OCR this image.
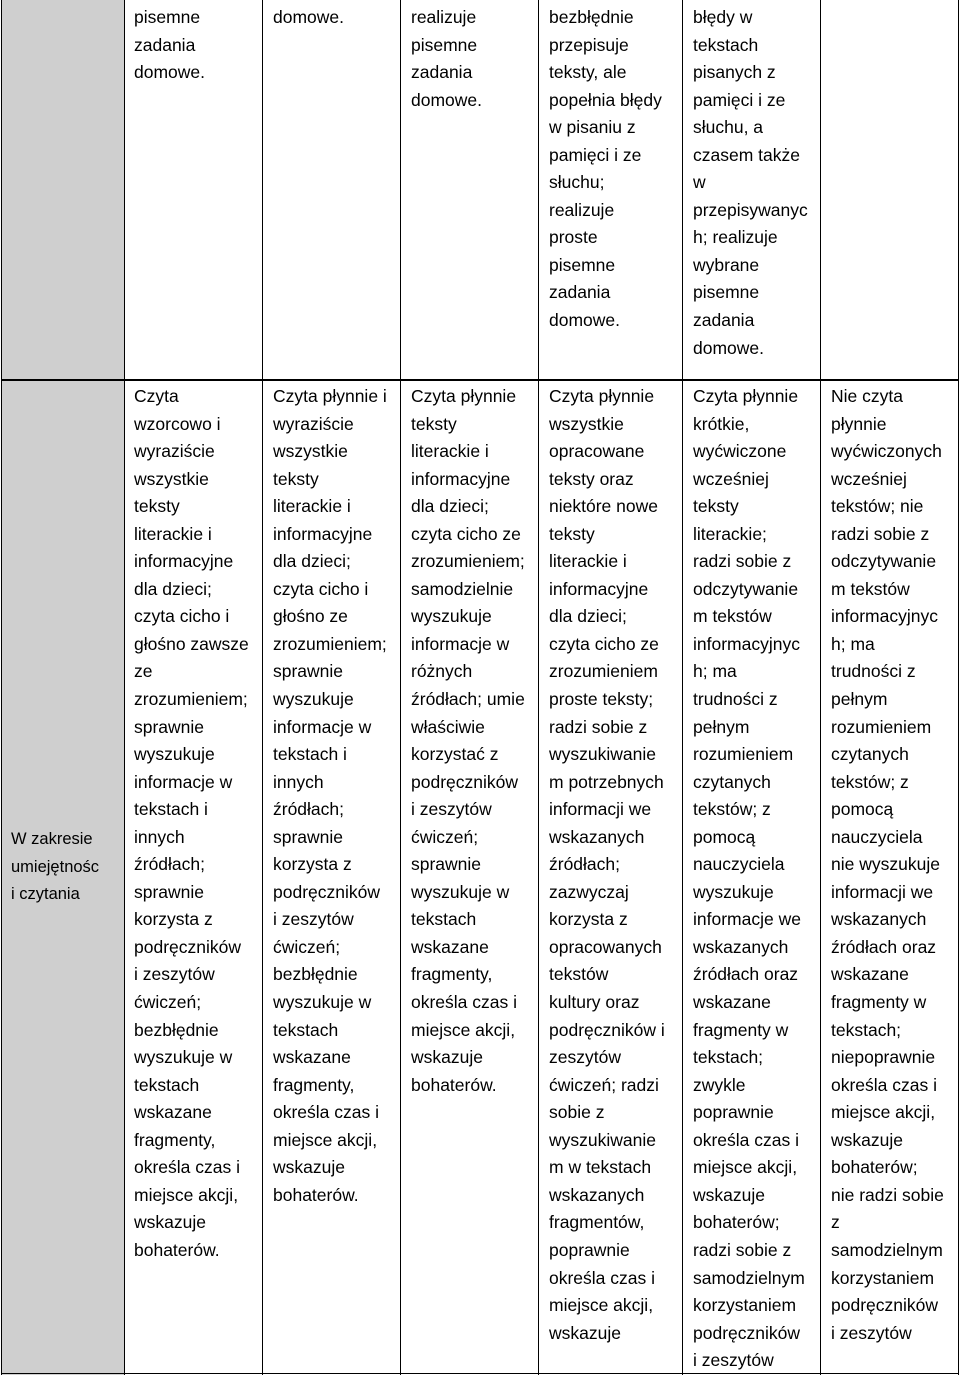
pisemne
zadania
domowe.
domowe.	realizuje
pisemne
zadania
domowe.
bezbłędnie
przepisuje
teksty, ale
popełnia błędy
w pisaniu z
pamięci i ze
słuchu;
realizuje
proste
pisemne
zadania
domowe.
błędy w
tekstach
pisanych z
pamięci i ze
słuchu, a
czasem także
w
przepisywanyc
h; realizuje
wybrane
pisemne
zadania
domowe.
W zakresie
umiejętnośc
i czytania
Czyta
wzorcowo i
wyraziście
wszystkie
teksty
literackie i
informacyjne
dla dzieci;
czyta cicho i
głośno zawsze
ze
zrozumieniem;
sprawnie
wyszukuje
informacje w
tekstach i
innych
źródłach;
sprawnie
korzysta z
podręczników
i zeszytów
ćwiczeń;
bezbłędnie
wyszukuje w
tekstach
wskazane
fragmenty,
określa czas i
miejsce akcji,
wskazuje
bohaterów.
Czyta płynnie i
wyraziście
wszystkie
teksty
literackie i
informacyjne
dla dzieci;
czyta cicho i
głośno ze
zrozumieniem;
sprawnie
wyszukuje
informacje w
tekstach i
innych
źródłach;
sprawnie
korzysta z
podręczników
i zeszytów
ćwiczeń;
bezbłędnie
wyszukuje w
tekstach
wskazane
fragmenty,
określa czas i
miejsce akcji,
wskazuje
bohaterów.
Czyta płynnie
teksty
literackie i
informacyjne
dla dzieci;
czyta cicho ze
zrozumieniem;
samodzielnie
wyszukuje
informacje w
różnych
źródłach; umie
właściwie
korzystać z
podręczników
i zeszytów
ćwiczeń;
sprawnie
wyszukuje w
tekstach
wskazane
fragmenty,
określa czas i
miejsce akcji,
wskazuje
bohaterów.
Czyta płynnie
wszystkie
opracowane
teksty oraz
niektóre nowe
teksty
literackie i
informacyjne
dla dzieci;
czyta cicho ze
zrozumieniem
proste teksty;
radzi sobie z
wyszukiwanie
m potrzebnych
informacji we
wskazanych
źródłach;
zazwyczaj
korzysta z
opracowanych
tekstów
kultury oraz
podręczników i
zeszytów
ćwiczeń; radzi
sobie z
wyszukiwanie
m w tekstach
wskazanych
fragmentów,
poprawnie
określa czas i
miejsce akcji,
wskazuje
Czyta płynnie
krótkie,
wyćwiczone
wcześniej
teksty
literackie;
radzi sobie z
odczytywanie
m tekstów
informacyjnyc
h; ma
trudności z
pełnym
rozumieniem
czytanych
tekstów; z
pomocą
nauczyciela
wyszukuje
informacje we
wskazanych
źródłach oraz
wskazane
fragmenty w
tekstach;
zwykle
poprawnie
określa czas i
miejsce akcji,
wskazuje
bohaterów;
radzi sobie z
samodzielnym
korzystaniem
podręczników
i zeszytów
Nie czyta
płynnie
wyćwiczonych
wcześniej
tekstów; nie
radzi sobie z
odczytywanie
m tekstów
informacyjnyc
h; ma
trudności z
pełnym
rozumieniem
czytanych
tekstów; z
pomocą
nauczyciela
nie wyszukuje
informacji we
wskazanych
źródłach oraz
wskazane
fragmenty w
tekstach;
niepoprawnie
określa czas i
miejsce akcji,
wskazuje
bohaterów;
nie radzi sobie
z
samodzielnym
korzystaniem
podręczników
i zeszytów
